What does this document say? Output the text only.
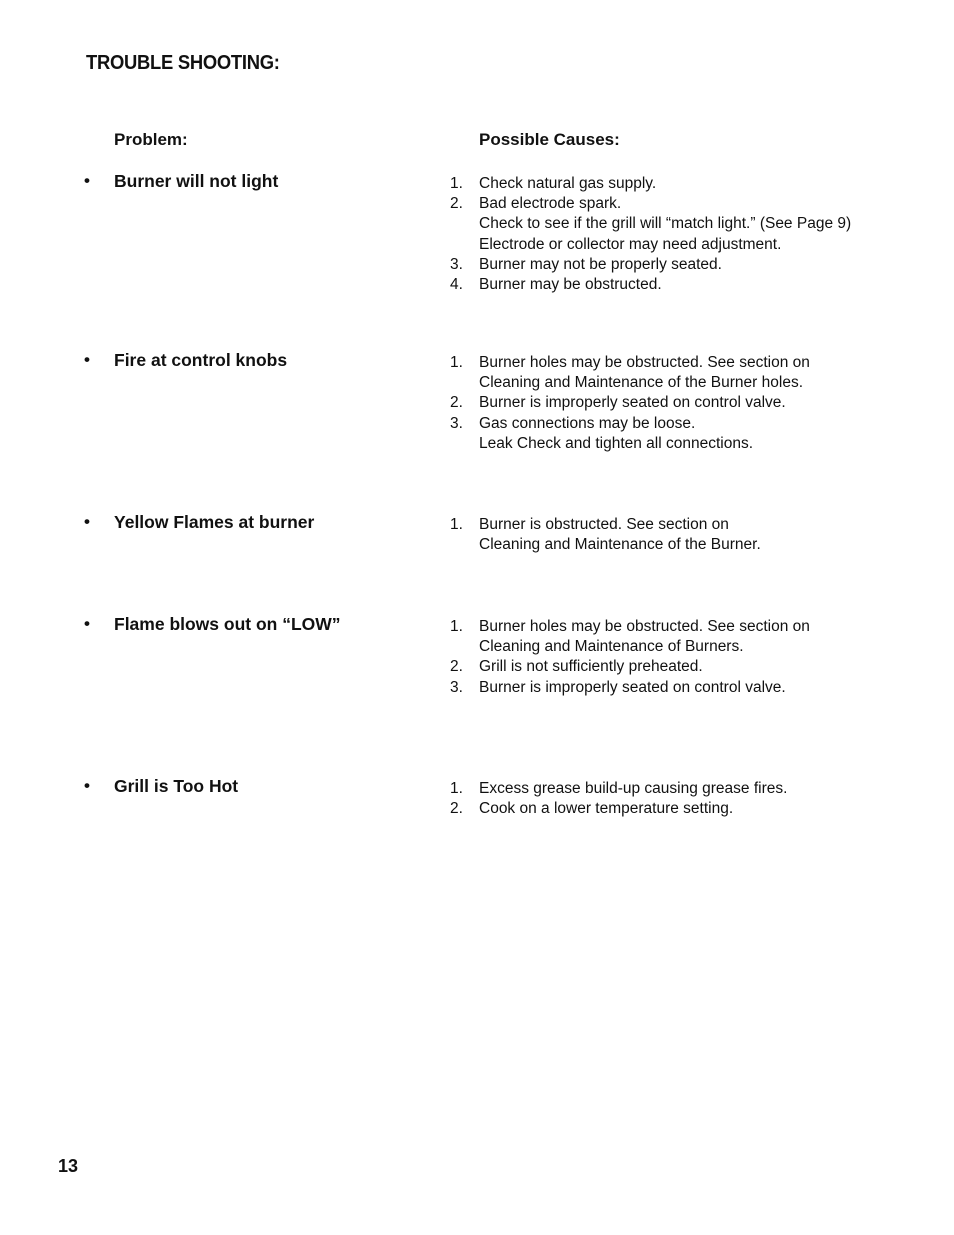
TROUBLE SHOOTING:
Problem:	Possible Causes:
• Burner will not light	1.	Check natural gas supply.
2.	Bad electrode spark.
Check to see if the grill will “match light.” (See Page 9)
Electrode or collector may need adjustment.
3.	Burner may not be properly seated.
4.	Burner may be obstructed.
• Fire at control knobs	1.	Burner holes may be obstructed. See section on
Cleaning and Maintenance of the Burner holes.
2.	Burner is improperly seated on control valve.
3.	Gas connections may be loose.
Leak Check and tighten all connections.
• Yellow Flames at burner	1.	Burner is obstructed. See section on
Cleaning and Maintenance of the Burner.
• Flame blows out on “LOW”	1.	Burner holes may be obstructed. See section on
Cleaning and Maintenance of Burners.
2.	Grill is not sufficiently preheated.
3.	Burner is improperly seated on control valve.
• Grill is Too Hot	1.	Excess grease build-up causing grease fires.
2.	Cook on a lower temperature setting.
13
